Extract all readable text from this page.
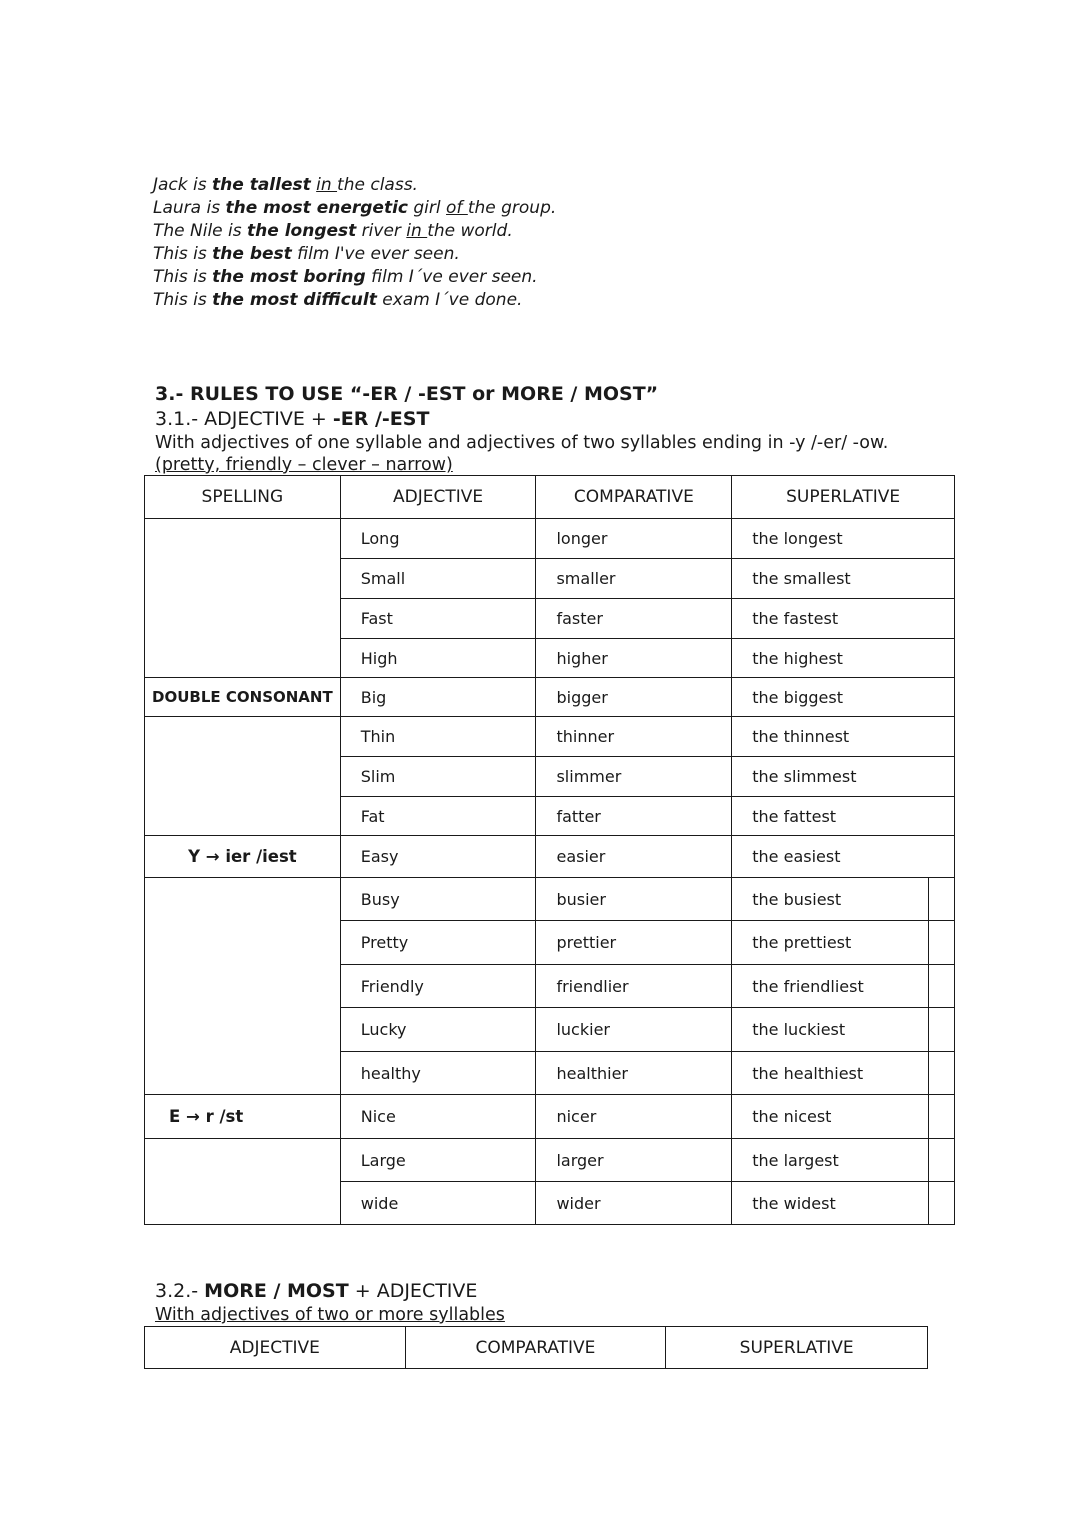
Jack is the tallest in the class.
Laura is the most energetic girl of the group.
The Nile is the longest river in the world.
This is the best film I've ever seen.
This is the most boring film I´ve ever seen.
This is the most difficult exam I´ve done.
3.- RULES TO USE “-ER / -EST or MORE / MOST”
3.1.- ADJECTIVE + -ER /-EST
With adjectives of one syllable and adjectives of two syllables ending in -y /-er/ -ow.
(pretty, friendly – clever – narrow)
SPELLING	ADJECTIVE	COMPARATIVE	SUPERLATIVE	
	Long	longer	the longest	
	Small	smaller	the smallest	
	Fast	faster	the fastest	
	High	higher	the highest	
DOUBLE CONSONANT	Big	bigger	the biggest	
	Thin	thinner	the thinnest	
	Slim	slimmer	the slimmest	
	Fat	fatter	the fattest	
Y → ier /iest	Easy	easier	the easiest	
	Busy	busier	the busiest	
	Pretty	prettier	the prettiest	
	Friendly	friendlier	the friendliest	
	Lucky	luckier	the luckiest	
	healthy	healthier	the healthiest	
E → r /st	Nice	nicer	the nicest	
	Large	larger	the largest	
	wide	wider	the widest	
3.2.- MORE / MOST + ADJECTIVE
With adjectives of two or more syllables
ADJECTIVE	COMPARATIVE	SUPERLATIVE
